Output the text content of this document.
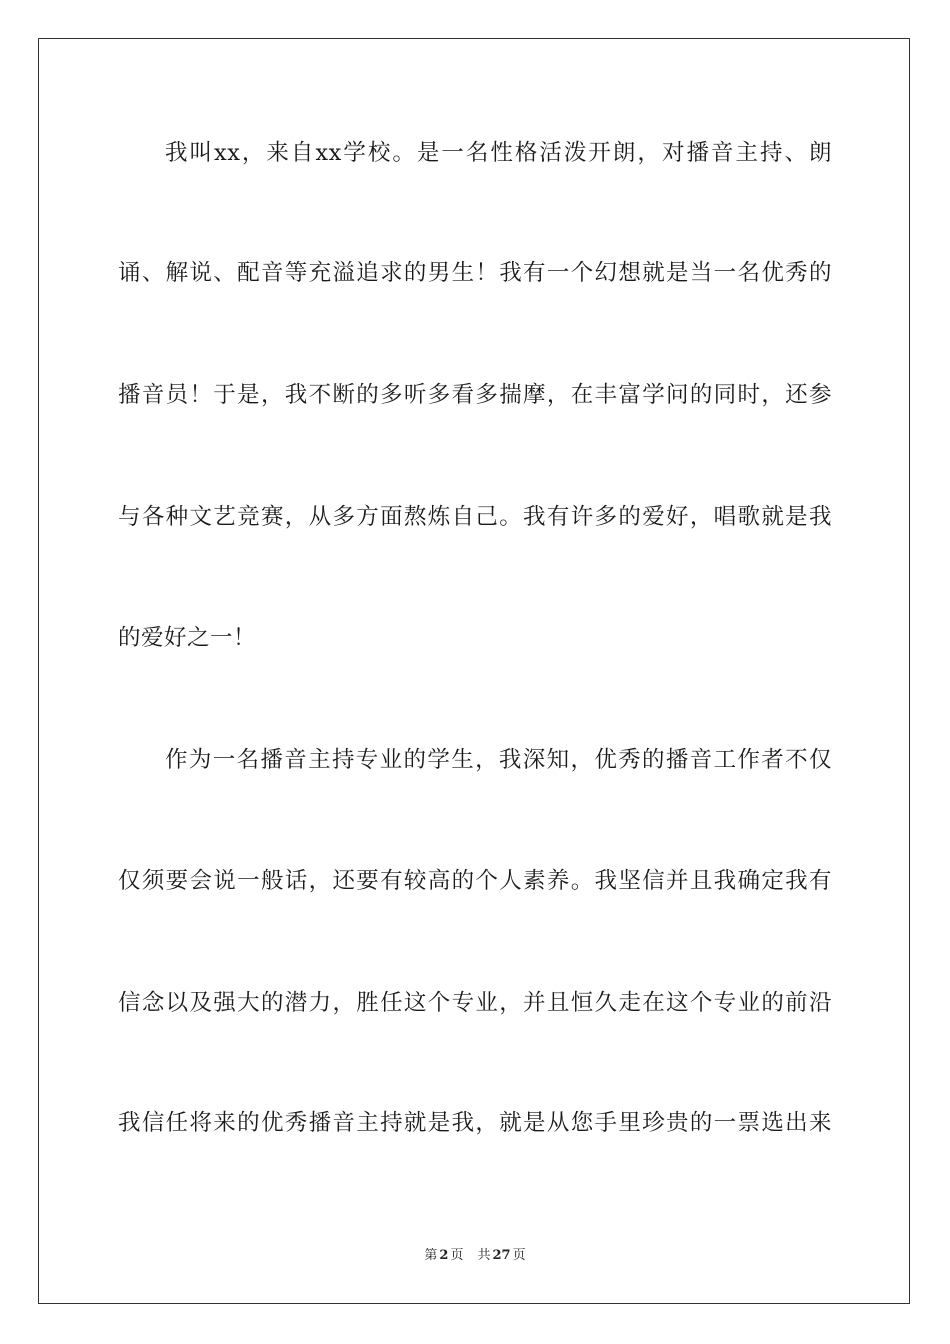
我叫xx，来自xx学校。是一名性格活泼开朗，对播音主持、朗
诵、解说、配音等充溢追求的男生！我有一个幻想就是当一名优秀的
播音员！于是，我不断的多听多看多揣摩，在丰富学问的同时，还参
与各种文艺竞赛，从多方面熬炼自己。我有许多的爱好，唱歌就是我
的爱好之一！
作为一名播音主持专业的学生，我深知，优秀的播音工作者不仅
仅须要会说一般话，还要有较高的个人素养。我坚信并且我确定我有
信念以及强大的潜力，胜任这个专业，并且恒久走在这个专业的前沿
我信任将来的优秀播音主持就是我，就是从您手里珍贵的一票选出来
第 2 页 共 27 页
